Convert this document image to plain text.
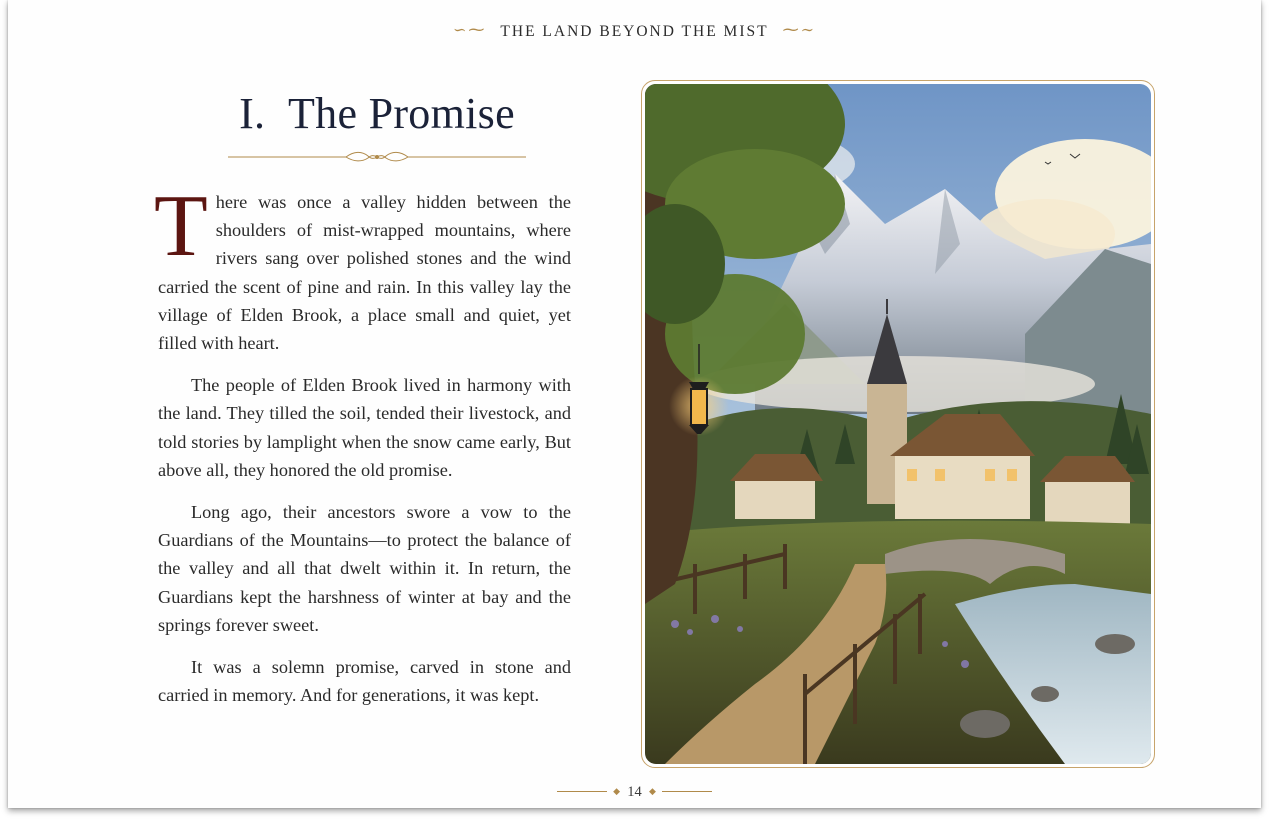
∽⁓ THE LAND BEYOND THE MIST ⁓∼
I. The Promise

There was once a valley hidden between the shoulders of mist-wrapped mountains, where rivers sang over polished stones and the wind carried the scent of pine and rain. In this valley lay the village of Elden Brook, a place small and quiet, yet filled with heart.

The people of Elden Brook lived in harmony with the land. They tilled the soil, tended their livestock, and told stories by lamplight when the snow came early, But above all, they honored the old promise.

Long ago, their ancestors swore a vow to the Guardians of the Mountains—to protect the balance of the valley and all that dwelt within it. In return, the Guardians kept the harshness of winter at bay and the springs forever sweet.

It was a solemn promise, carved in stone and carried in memory. And for generations, it was kept.

◆ 14 ◆
